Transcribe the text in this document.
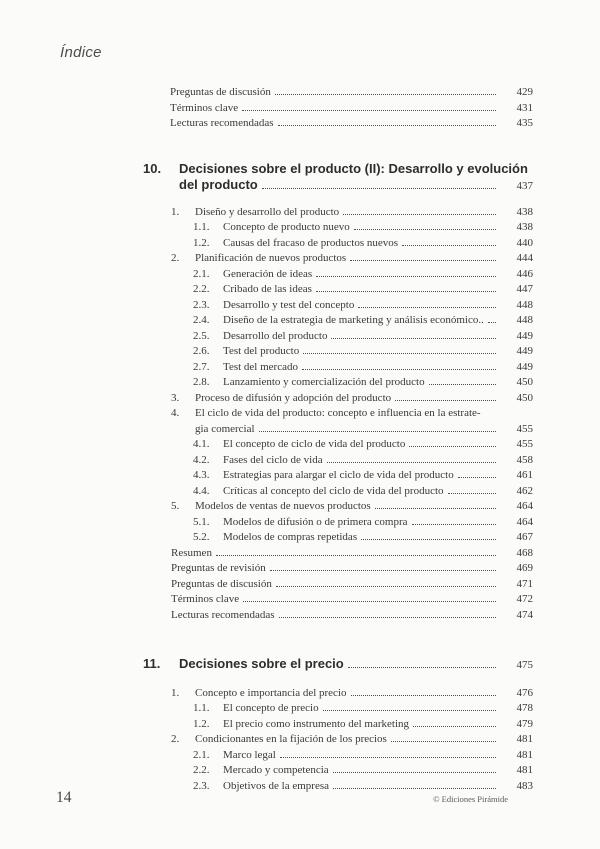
Índice
Preguntas de discusión	429
Términos clave	431
Lecturas recomendadas	435
10.	Decisiones sobre el producto (II): Desarrollo y evolución
del producto	437
1.	Diseño y desarrollo del producto	438
1.1.	Concepto de producto nuevo	438
1.2.	Causas del fracaso de productos nuevos	440
2.	Planificación de nuevos productos	444
2.1.	Generación de ideas	446
2.2.	Cribado de las ideas	447
2.3.	Desarrollo y test del concepto	448
2.4.	Diseño de la estrategia de marketing y análisis económico..	448
2.5.	Desarrollo del producto	449
2.6.	Test del producto	449
2.7.	Test del mercado	449
2.8.	Lanzamiento y comercialización del producto	450
3.	Proceso de difusión y adopción del producto	450
4.	El ciclo de vida del producto: concepto e influencia en la estrate-
gia comercial	455
4.1.	El concepto de ciclo de vida del producto	455
4.2.	Fases del ciclo de vida	458
4.3.	Estrategias para alargar el ciclo de vida del producto	461
4.4.	Críticas al concepto del ciclo de vida del producto	462
5.	Modelos de ventas de nuevos productos	464
5.1.	Modelos de difusión o de primera compra	464
5.2.	Modelos de compras repetidas	467
Resumen	468
Preguntas de revisión	469
Preguntas de discusión	471
Términos clave	472
Lecturas recomendadas	474
11.	Decisiones sobre el precio	475
1.	Concepto e importancia del precio	476
1.1.	El concepto de precio	478
1.2.	El precio como instrumento del marketing	479
2.	Condicionantes en la fijación de los precios	481
2.1.	Marco legal	481
2.2.	Mercado y competencia	481
2.3.	Objetivos de la empresa	483
14	© Ediciones Pirámide
